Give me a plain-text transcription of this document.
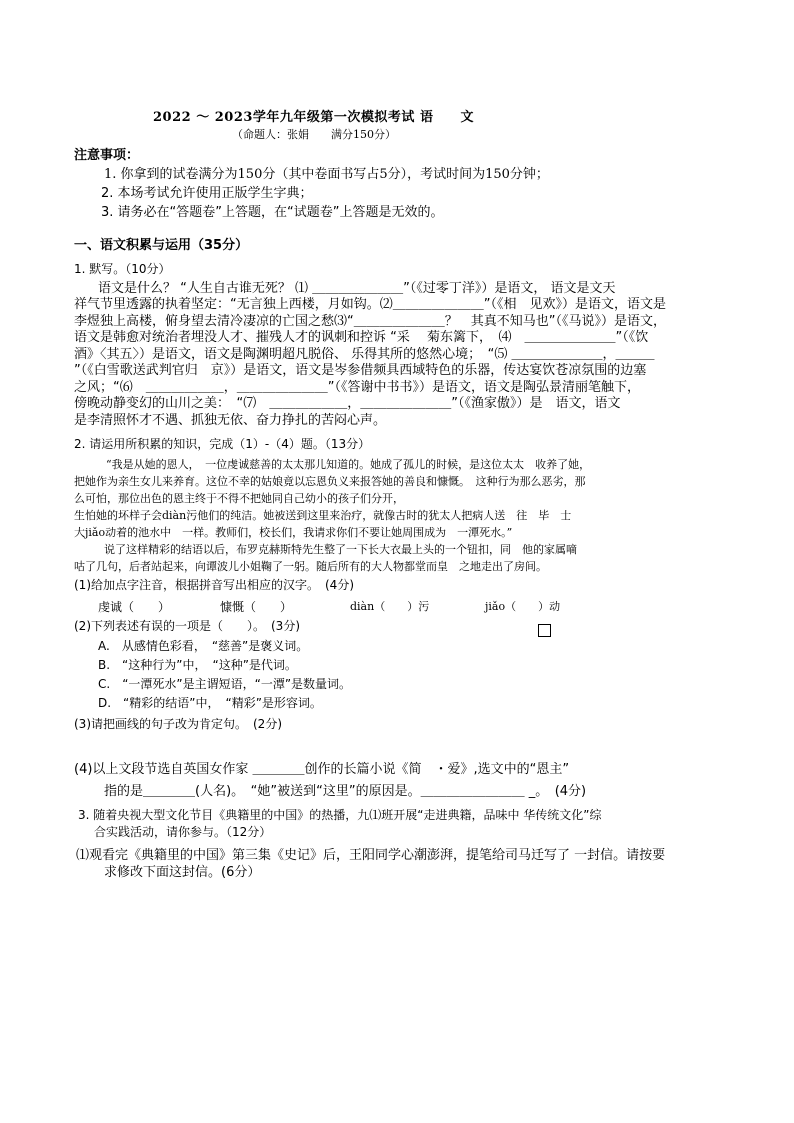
2022 ～ 2023学年九年级第一次模拟考试 语　　文
（命题人：张娟　　满分150分）
注意事项：
1. 你拿到的试卷满分为150分（其中卷面书写占5分），考试时间为150分钟；
2. 本场考试允许使用正版学生字典；
3. 请务必在“答题卷”上答题，在“试题卷”上答题是无效的。
一、语文积累与运用（35分）
1. 默写。（10分）
语文是什么？ “人生自古谁无死？ ⑴ ＿＿＿＿＿＿＿”（《过零丁洋》）是语文， 语文是文天
祥气节里透露的执着坚定：“无言独上西楼，月如钩。⑵＿＿＿＿＿＿＿”（《相　见欢》）是语文，语文是
李煜独上高楼，俯身望去清冷凄凉的亡国之愁⑶“＿＿＿＿＿＿＿？　其真不知马也”（《马说》）是语文，
语文是韩愈对统治者埋没人才、摧残人才的讽刺和控诉 “采　 菊东篱下，　⑷　＿＿＿＿＿＿＿”（《饮
酒》〈其五〉）是语文，语文是陶渊明超凡脱俗、 乐得其所的悠然心境；　“⑸ ＿＿＿＿＿＿＿，＿＿＿
”（《白雪歌送武判官归　京》）是语文，语文是岑参借频具西域特色的乐器，传达宴饮苍凉氛围的边塞
之风；“⑹　＿＿＿＿＿＿，＿＿＿＿＿＿＿”（《答谢中书书》）是语文，语文是陶弘景清丽笔触下，
傍晚动静变幻的山川之美：　“⑺　＿＿＿＿＿＿，＿＿＿＿＿＿＿”（《渔家傲》）是　语文，语文
是李清照怀才不遇、抓独无依、奋力挣扎的苦闷心声。
2. 请运用所积累的知识，完成（1）-（4）题。（13分）
“我是从她的恩人，　一位虔诚慈善的太太那儿知道的。她成了孤儿的时候，是这位太太　收养了她，
把她作为亲生女儿来养育。这位不幸的姑娘竟以忘恩负义来报答她的善良和慷慨。　这种行为那么恶劣，那
么可怕，那位出色的恩主终于不得不把她同自己幼小的孩子们分开，
生怕她的坏样子会diàn污他们的纯洁。她被送到这里来治疗，就像古时的犹太人把病人送　往　毕　士
大jiǎo动着的池水中　一样。教师们，校长们，我请求你们不要让她周围成为　一潭死水。”
说了这样精彩的结语以后，布罗克赫斯特先生整了一下长大衣最上头的一个钮扣，同　他的家属嘀
咕了几句，后者站起来，向谭波儿小姐鞠了一躬。随后所有的大人物都堂而皇　之地走出了房间。
(1)给加点字注音，根据拼音写出相应的汉字。　(4分)
虔诚（　　）	慷慨（　　）	diàn（　　）污	jiǎo（　　）动
(2)下列表述有误的一项是（　　）。　(3分)
A.　从感情色彩看，　“慈善”是褒义词。
B.　“这种行为”中，　“这种”是代词。
C.　“一潭死水”是主谓短语，“一潭”是数量词。
D.　“精彩的结语”中，　“精彩”是形容词。
(3)请把画线的句子改为肯定句。　(2分)
(4)以上文段节选自英国女作家 ＿＿＿＿创作的长篇小说《简　・爱》,选文中的“恩主”
指的是＿＿＿＿(人名)。　“她”被送到“这里”的原因是。＿＿＿＿＿＿＿＿ _。　(4分)
3. 随着央视大型文化节目《典籍里的中国》的热播，九⑴班开展“走进典籍，品味中 华传统文化”综
合实践活动，请你参与。（12分）
⑴观看完《典籍里的中国》第三集《史记》后，王阳同学心潮澎湃，提笔给司马迁写了 一封信。请按要
求修改下面这封信。(6分）
